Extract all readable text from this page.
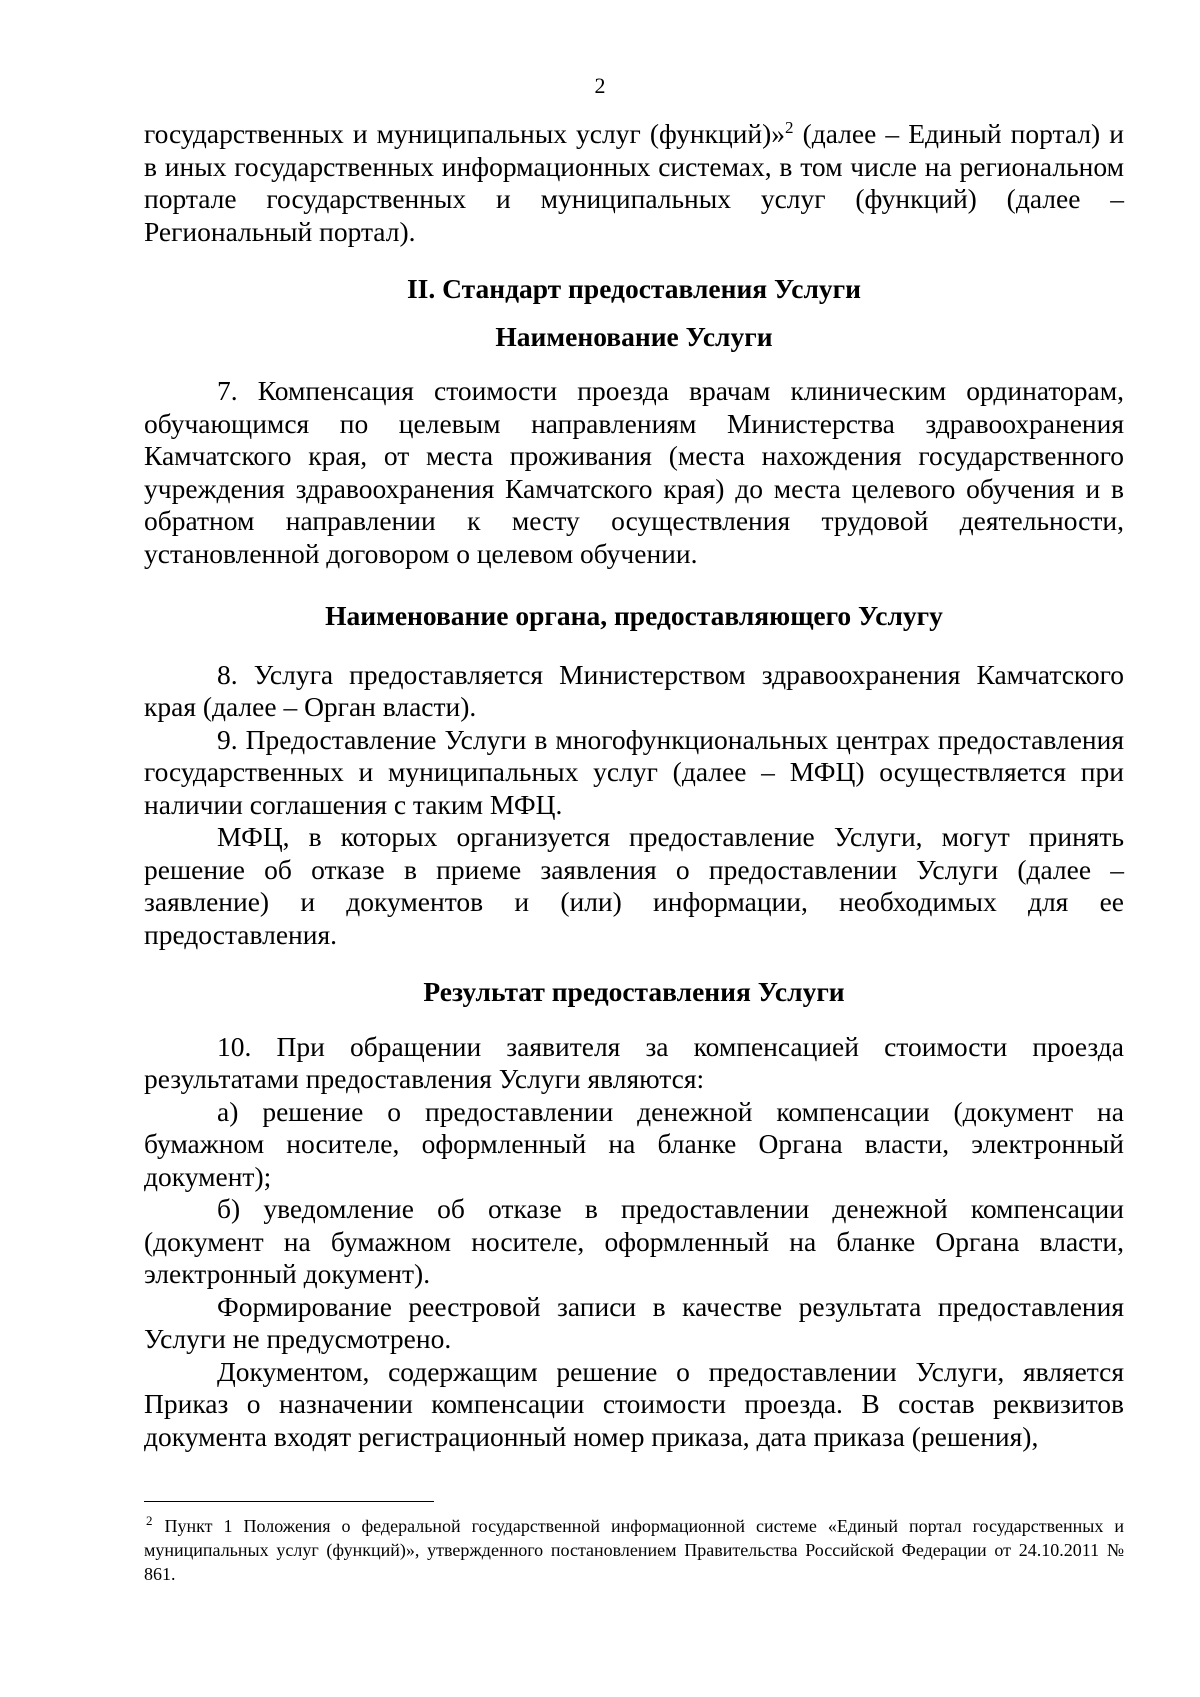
2

государственных и муниципальных услуг (функций)»$^2$ (далее – Единый портал) и в иных государственных информационных системах, в том числе на региональном портале государственных и муниципальных услуг (функций) (далее – Региональный портал).

II. Стандарт предоставления Услуги
Наименование Услуги

7. Компенсация стоимости проезда врачам клиническим ординаторам, обучающимся по целевым направлениям Министерства здравоохранения Камчатского края, от места проживания (места нахождения государственного учреждения здравоохранения Камчатского края) до места целевого обучения и в обратном направлении к месту осуществления трудовой деятельности, установленной договором о целевом обучении.

Наименование органа, предоставляющего Услугу

8. Услуга предоставляется Министерством здравоохранения Камчатского края (далее – Орган власти).

9. Предоставление Услуги в многофункциональных центрах предоставления государственных и муниципальных услуг (далее – МФЦ) осуществляется при наличии соглашения с таким МФЦ.

МФЦ, в которых организуется предоставление Услуги, могут принять решение об отказе в приеме заявления о предоставлении Услуги (далее – заявление) и документов и (или) информации, необходимых для ее предоставления.

Результат предоставления Услуги

10. При обращении заявителя за компенсацией стоимости проезда результатами предоставления Услуги являются:

а) решение о предоставлении денежной компенсации (документ на бумажном носителе, оформленный на бланке Органа власти, электронный документ);

б) уведомление об отказе в предоставлении денежной компенсации (документ на бумажном носителе, оформленный на бланке Органа власти, электронный документ).

Формирование реестровой записи в качестве результата предоставления Услуги не предусмотрено.

Документом, содержащим решение о предоставлении Услуги, является Приказ о назначении компенсации стоимости проезда. В состав реквизитов документа входят регистрационный номер приказа, дата приказа (решения),

$^2$ Пункт 1 Положения о федеральной государственной информационной системе «Единый портал государственных и муниципальных услуг (функций)», утвержденного постановлением Правительства Российской Федерации от 24.10.2011 № 861.
